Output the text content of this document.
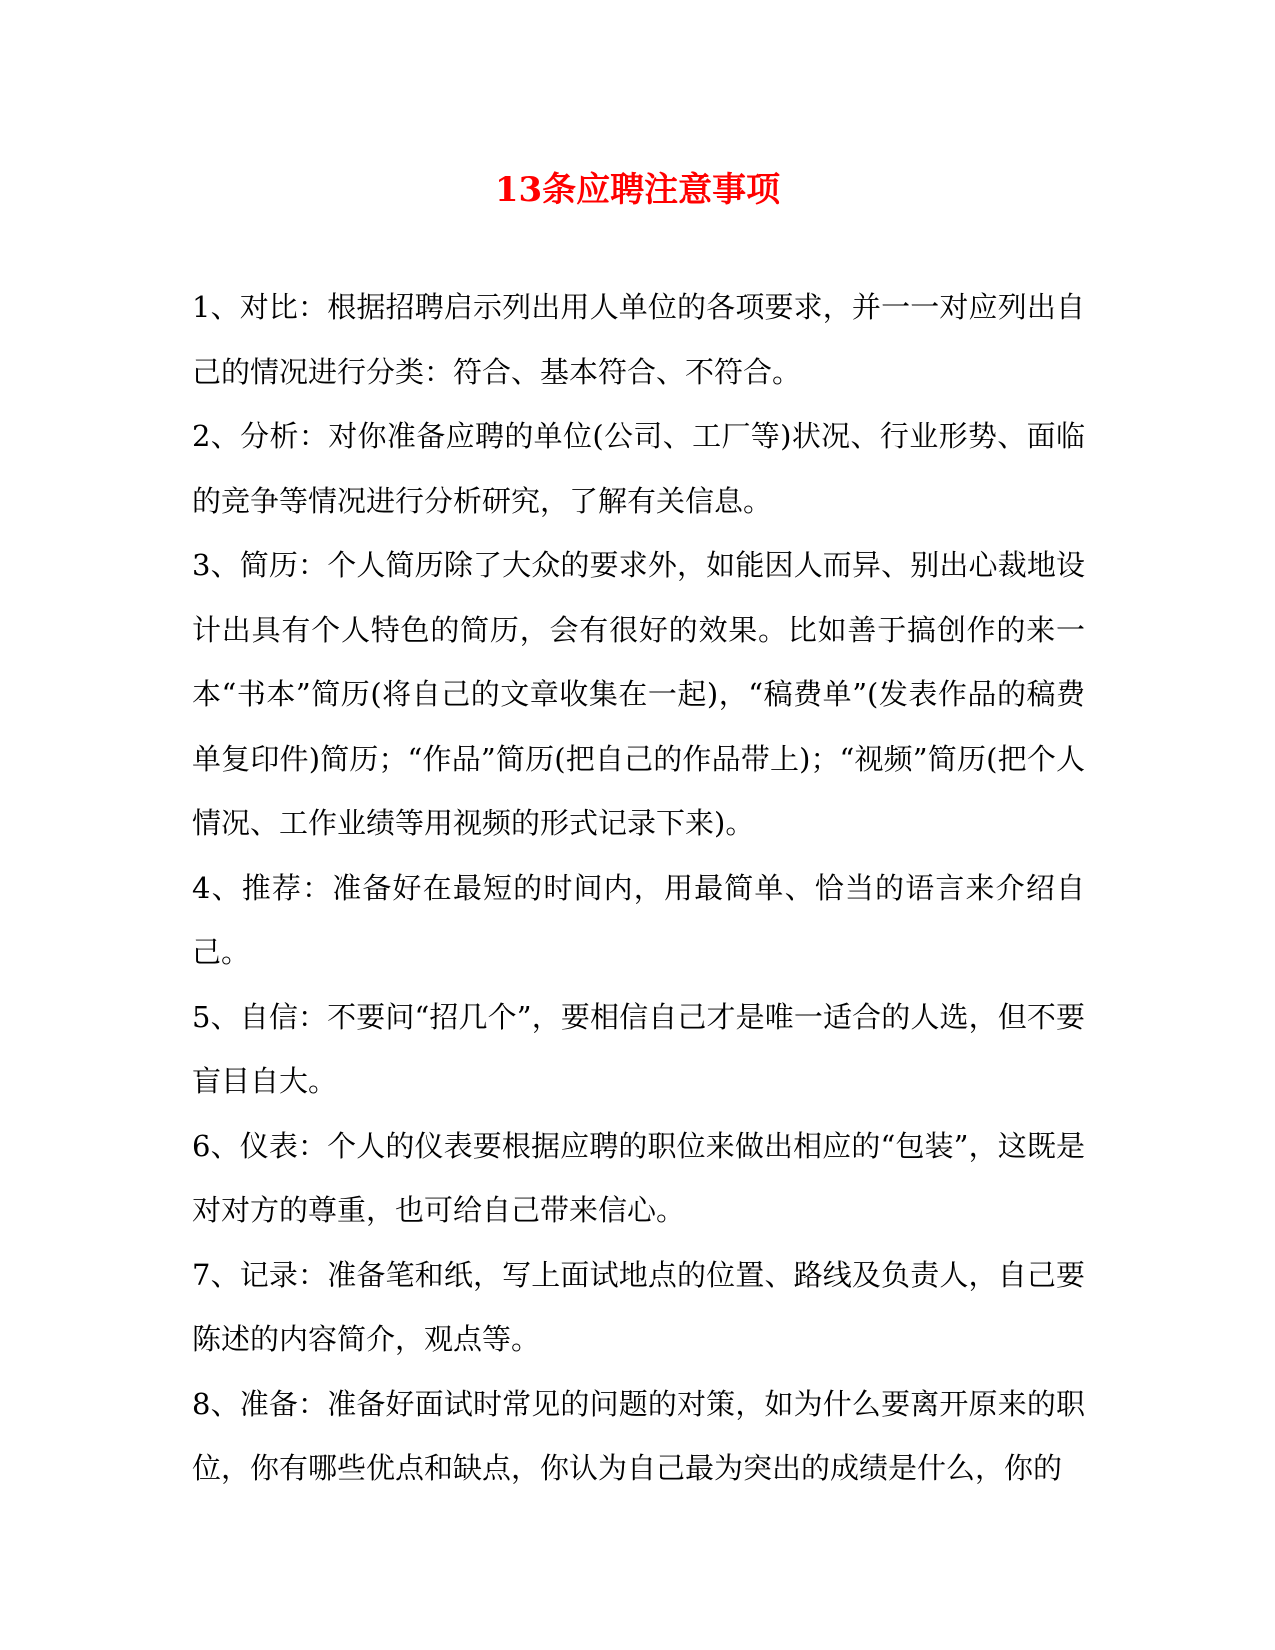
13条应聘注意事项

1、对比：根据招聘启示列出用人单位的各项要求，并一一对应列出自己的情况进行分类：符合、基本符合、不符合。

2、分析：对你准备应聘的单位(公司、工厂等)状况、行业形势、面临的竞争等情况进行分析研究，了解有关信息。

3、简历：个人简历除了大众的要求外，如能因人而异、别出心裁地设计出具有个人特色的简历，会有很好的效果。比如善于搞创作的来一本“书本”简历(将自己的文章收集在一起)，“稿费单”(发表作品的稿费单复印件)简历；“作品”简历(把自己的作品带上)；“视频”简历(把个人情况、工作业绩等用视频的形式记录下来)。

4、推荐：准备好在最短的时间内，用最简单、恰当的语言来介绍自己。

5、自信：不要问“招几个”，要相信自己才是唯一适合的人选，但不要盲目自大。

6、仪表：个人的仪表要根据应聘的职位来做出相应的“包装”，这既是对对方的尊重，也可给自己带来信心。

7、记录：准备笔和纸，写上面试地点的位置、路线及负责人，自己要陈述的内容简介，观点等。

8、准备：准备好面试时常见的问题的对策，如为什么要离开原来的职位，你有哪些优点和缺点，你认为自己最为突出的成绩是什么，你的
